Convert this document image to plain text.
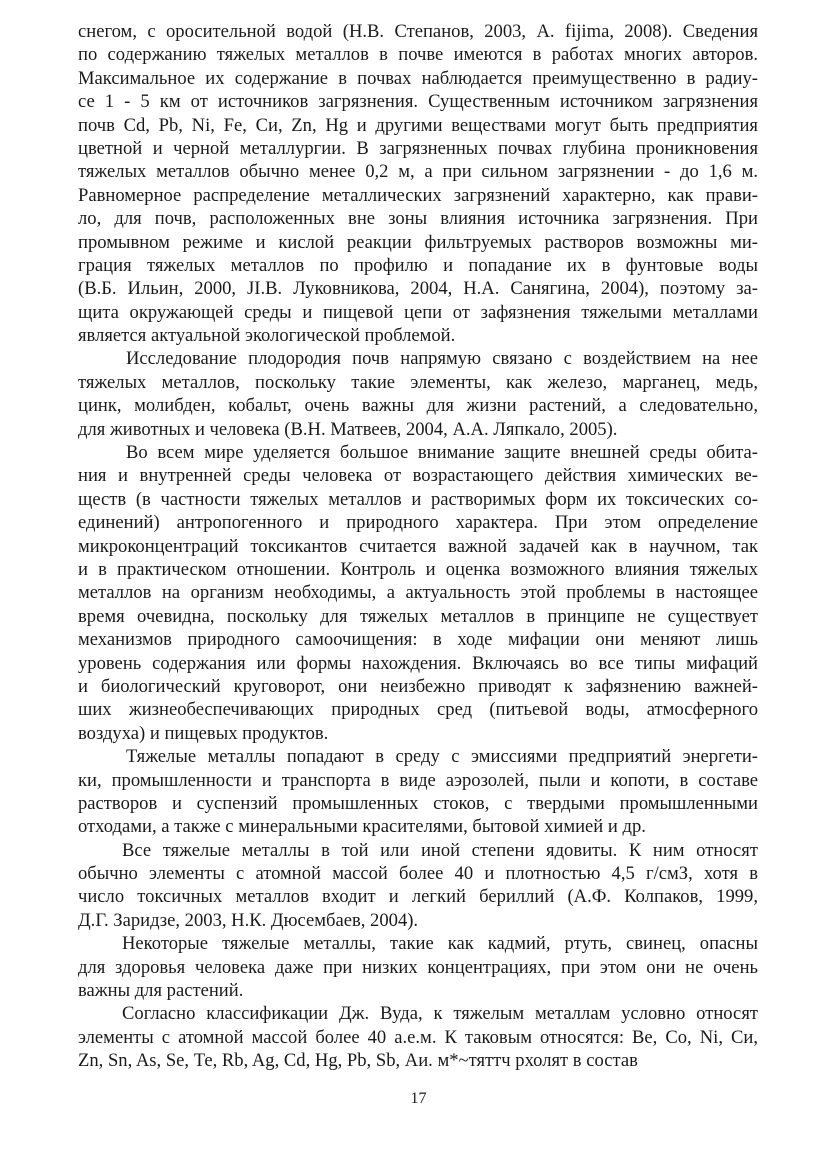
снегом, с оросительной водой (Н.В. Степанов, 2003, A. fijima, 2008). Сведения
по содержанию тяжелых металлов в почве имеются в работах многих авторов.
Максимальное их содержание в почвах наблюдается преимущественно в радиу-
се 1 - 5 км от источников загрязнения. Существенным источником загрязнения
почв Cd, Pb, Ni, Fe, Си, Zn, Hg и другими веществами могут быть предприятия
цветной и черной металлургии. В загрязненных почвах глубина проникновения
тяжелых металлов обычно менее 0,2 м, а при сильном загрязнении - до 1,6 м.
Равномерное распределение металлических загрязнений характерно, как прави-
ло, для почв, расположенных вне зоны влияния источника загрязнения. При
промывном режиме и кислой реакции фильтруемых растворов возможны ми-
грация тяжелых металлов по профилю и попадание их в фунтовые воды
(В.Б. Ильин, 2000, JI.В. Луковникова, 2004, Н.А. Санягина, 2004), поэтому за-
щита окружающей среды и пищевой цепи от зафязнения тяжелыми металлами
является актуальной экологической проблемой.
Исследование плодородия почв напрямую связано с воздействием на нее
тяжелых металлов, поскольку такие элементы, как железо, марганец, медь,
цинк, молибден, кобальт, очень важны для жизни растений, а следовательно,
для животных и человека (В.Н. Матвеев, 2004, А.А. Ляпкало, 2005).
Во всем мире уделяется большое внимание защите внешней среды обита-
ния и внутренней среды человека от возрастающего действия химических ве-
ществ (в частности тяжелых металлов и растворимых форм их токсических со-
единений) антропогенного и природного характера. При этом определение
микроконцентраций токсикантов считается важной задачей как в научном, так
и в практическом отношении. Контроль и оценка возможного влияния тяжелых
металлов на организм необходимы, а актуальность этой проблемы в настоящее
время очевидна, поскольку для тяжелых металлов в принципе не существует
механизмов природного самоочищения: в ходе мифации они меняют лишь
уровень содержания или формы нахождения. Включаясь во все типы мифаций
и биологический круговорот, они неизбежно приводят к зафязнению важней-
ших жизнеобеспечивающих природных сред (питьевой воды, атмосферного
воздуха) и пищевых продуктов.
Тяжелые металлы попадают в среду с эмиссиями предприятий энергети-
ки, промышленности и транспорта в виде аэрозолей, пыли и копоти, в составе
растворов и суспензий промышленных стоков, с твердыми промышленными
отходами, а также с минеральными красителями, бытовой химией и др.
Все тяжелые металлы в той или иной степени ядовиты. К ним относят
обычно элементы с атомной массой более 40 и плотностью 4,5 г/смЗ, хотя в
число токсичных металлов входит и легкий бериллий (А.Ф. Колпаков, 1999,
Д.Г. Заридзе, 2003, Н.К. Дюсембаев, 2004).
Некоторые тяжелые металлы, такие как кадмий, ртуть, свинец, опасны
для здоровья человека даже при низких концентрациях, при этом они не очень
важны для растений.
Согласно классификации Дж. Вуда, к тяжелым металлам условно относят
элементы с атомной массой более 40 а.е.м. К таковым относятся: Be, Co, Ni, Си,
Zn, Sn, As, Se, Те, Rb, Ag, Cd, Hg, Pb, Sb, Аи. м*~тяттч рхолят в состав
17
